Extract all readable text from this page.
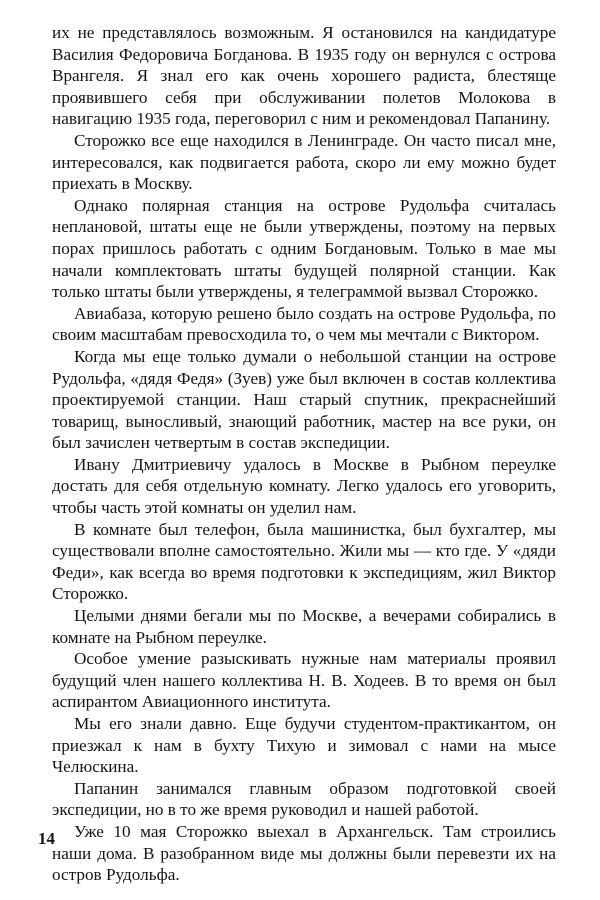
их не представлялось возможным. Я остановился на кандидатуре Василия Федоровича Богданова. В 1935 году он вернулся с острова Врангеля. Я знал его как очень хорошего радиста, блестяще проявившего себя при обслуживании полетов Молокова в навигацию 1935 года, переговорил с ним и рекомендовал Папанину.

Сторожко все еще находился в Ленинграде. Он часто писал мне, интересовался, как подвигается работа, скоро ли ему можно будет приехать в Москву.

Однако полярная станция на острове Рудольфа считалась неплановой, штаты еще не были утверждены, поэтому на первых порах пришлось работать с одним Богдановым. Только в мае мы начали комплектовать штаты будущей полярной станции. Как только штаты были утверждены, я телеграммой вызвал Сторожко.

Авиабаза, которую решено было создать на острове Рудольфа, по своим масштабам превосходила то, о чем мы мечтали с Виктором.

Когда мы еще только думали о небольшой станции на острове Рудольфа, «дядя Федя» (Зуев) уже был включен в состав коллектива проектируемой станции. Наш старый спутник, прекраснейший товарищ, выносливый, знающий работник, мастер на все руки, он был зачислен четвертым в состав экспедиции.

Ивану Дмитриевичу удалось в Москве в Рыбном переулке достать для себя отдельную комнату. Легко удалось его уговорить, чтобы часть этой комнаты он уделил нам.

В комнате был телефон, была машинистка, был бухгалтер, мы существовали вполне самостоятельно. Жили мы — кто где. У «дяди Феди», как всегда во время подготовки к экспедициям, жил Виктор Сторожко.

Целыми днями бегали мы по Москве, а вечерами собирались в комнате на Рыбном переулке.

Особое умение разыскивать нужные нам материалы проявил будущий член нашего коллектива Н. В. Ходеев. В то время он был аспирантом Авиационного института.

Мы его знали давно. Еще будучи студентом-практикантом, он приезжал к нам в бухту Тихую и зимовал с нами на мысе Челюскина.

Папанин занимался главным образом подготовкой своей экспедиции, но в то же время руководил и нашей работой.

Уже 10 мая Сторожко выехал в Архангельск. Там строились наши дома. В разобранном виде мы должны были перевезти их на остров Рудольфа.

14
